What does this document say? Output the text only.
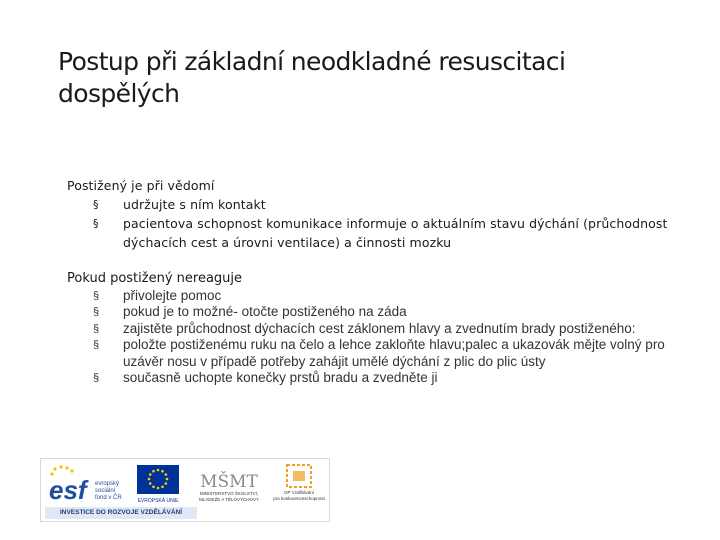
Postup při základní neodkladné resuscitaci dospělých
Postižený je při vědomí
§ udržujte s ním kontakt
§ pacientova schopnost komunikace informuje o aktuálním stavu dýchání (průchodnost dýchacích cest a úrovni ventilace) a činnosti mozku
Pokud postižený nereaguje
§ přivolejte pomoc
§ pokud je to možné- otočte postiženého na záda
§ zajistěte průchodnost dýchacích cest záklonem hlavy a zvednutím brady postiženého:
§ položte postiženému ruku na čelo a lehce zakloňte hlavu;palec a ukazovák mějte volný pro uzávěr nosu v případě potřeby zahájit umělé dýchání z plic do plic ústy
§ současně uchopte konečky prstů bradu a zvedněte ji
esf	evropský
sociální
fond v ČR	EVROPSKÁ UNIE
MŠMT
MINISTERSTVO ŠKOLSTVÍ,
MLÁDEŽE A TĚLOVÝCHOVY
OP Vzdělávání
pro konkurenceschopnost
INVESTICE DO ROZVOJE VZDĚLÁVÁNÍ
